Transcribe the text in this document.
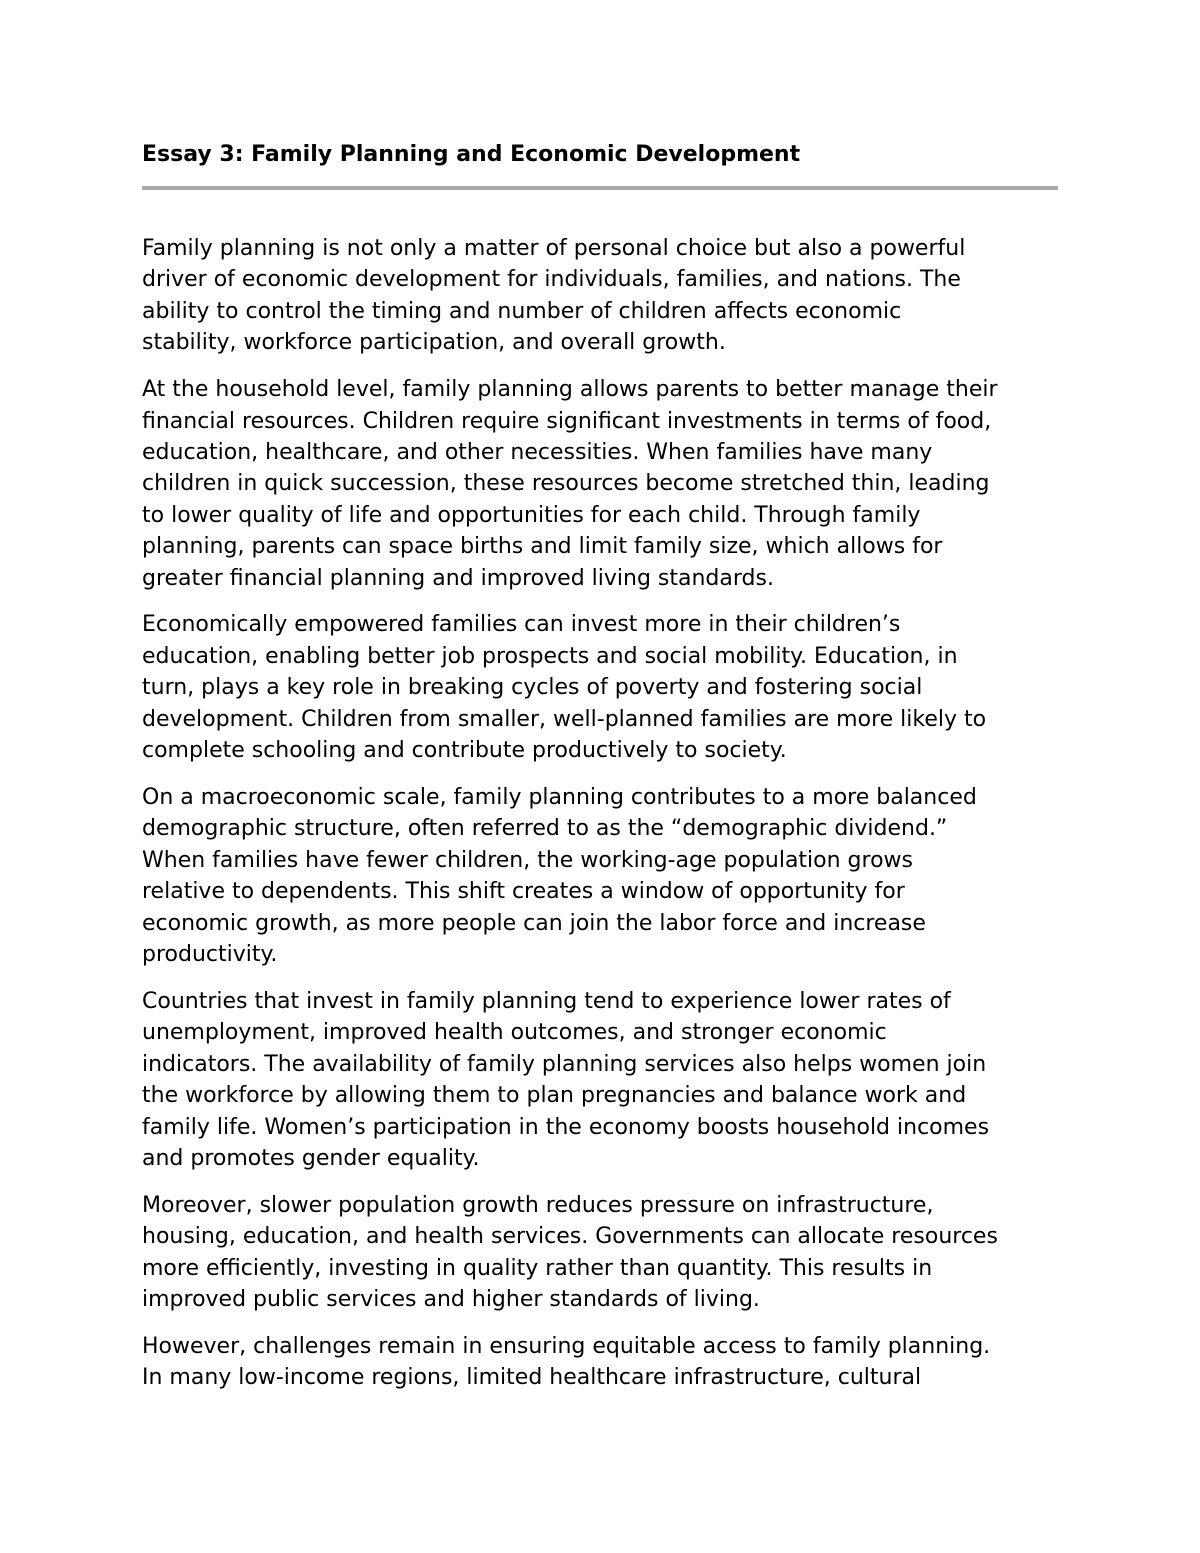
Essay 3: Family Planning and Economic Development

Family planning is not only a matter of personal choice but also a powerful
driver of economic development for individuals, families, and nations. The
ability to control the timing and number of children affects economic
stability, workforce participation, and overall growth.

At the household level, family planning allows parents to better manage their
financial resources. Children require significant investments in terms of food,
education, healthcare, and other necessities. When families have many
children in quick succession, these resources become stretched thin, leading
to lower quality of life and opportunities for each child. Through family
planning, parents can space births and limit family size, which allows for
greater financial planning and improved living standards.

Economically empowered families can invest more in their children’s
education, enabling better job prospects and social mobility. Education, in
turn, plays a key role in breaking cycles of poverty and fostering social
development. Children from smaller, well-planned families are more likely to
complete schooling and contribute productively to society.

On a macroeconomic scale, family planning contributes to a more balanced
demographic structure, often referred to as the “demographic dividend.”
When families have fewer children, the working-age population grows
relative to dependents. This shift creates a window of opportunity for
economic growth, as more people can join the labor force and increase
productivity.

Countries that invest in family planning tend to experience lower rates of
unemployment, improved health outcomes, and stronger economic
indicators. The availability of family planning services also helps women join
the workforce by allowing them to plan pregnancies and balance work and
family life. Women’s participation in the economy boosts household incomes
and promotes gender equality.

Moreover, slower population growth reduces pressure on infrastructure,
housing, education, and health services. Governments can allocate resources
more efficiently, investing in quality rather than quantity. This results in
improved public services and higher standards of living.

However, challenges remain in ensuring equitable access to family planning.
In many low-income regions, limited healthcare infrastructure, cultural
